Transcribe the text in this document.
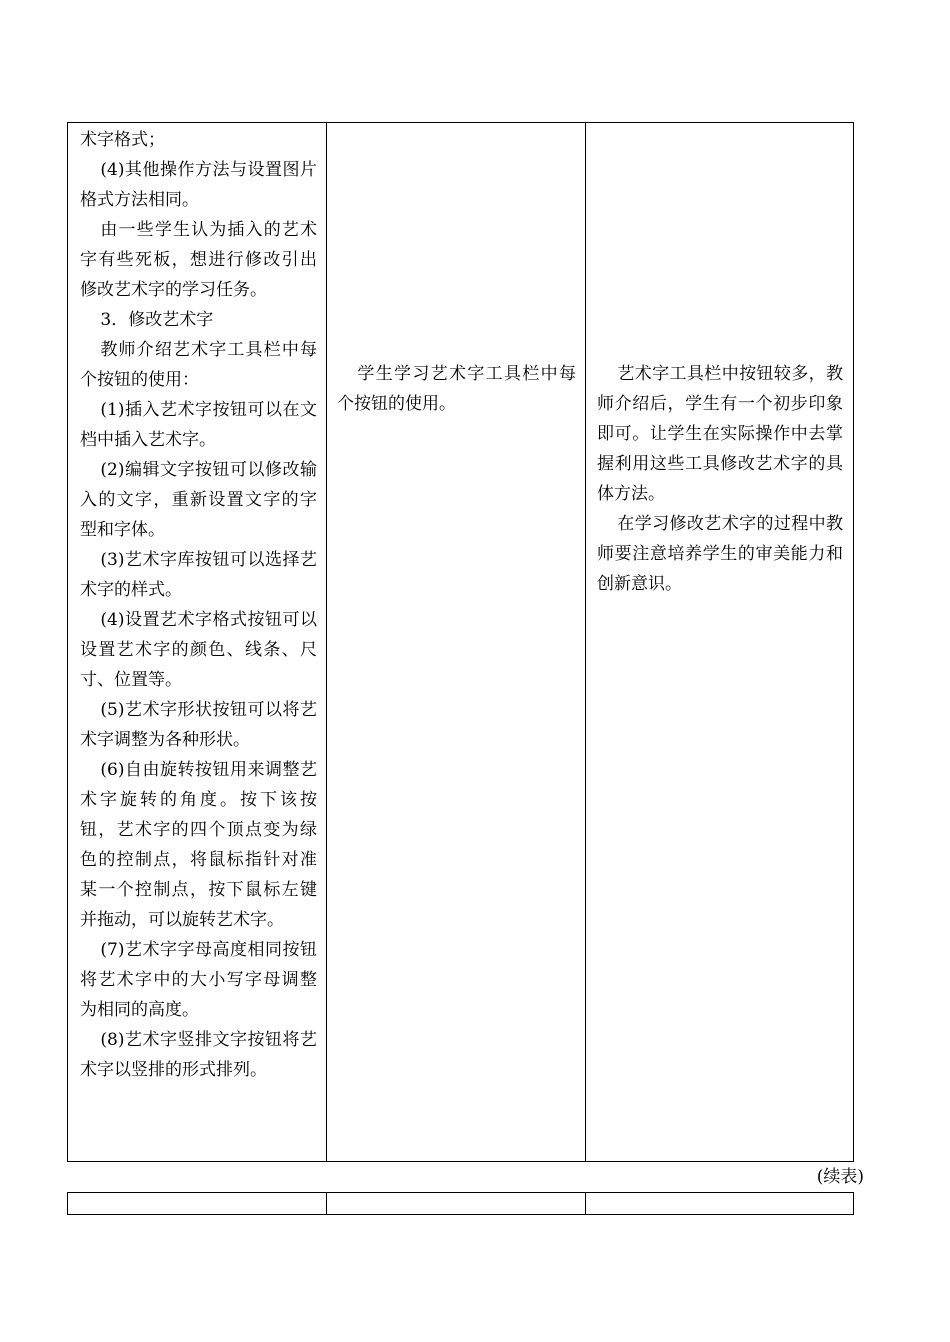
术字格式；

(4)其他操作方法与设置图片格式方法相同。

由一些学生认为插入的艺术字有些死板，想进行修改引出修改艺术字的学习任务。

3．修改艺术字

教师介绍艺术字工具栏中每个按钮的使用：

(1)插入艺术字按钮可以在文档中插入艺术字。

(2)编辑文字按钮可以修改输入的文字，重新设置文字的字型和字体。

(3)艺术字库按钮可以选择艺术字的样式。

(4)设置艺术字格式按钮可以设置艺术字的颜色、线条、尺寸、位置等。

(5)艺术字形状按钮可以将艺术字调整为各种形状。

(6)自由旋转按钮用来调整艺术字旋转的角度。按下该按钮，艺术字的四个顶点变为绿色的控制点，将鼠标指针对准某一个控制点，按下鼠标左键并拖动，可以旋转艺术字。

(7)艺术字字母高度相同按钮将艺术字中的大小写字母调整为相同的高度。

(8)艺术字竖排文字按钮将艺术字以竖排的形式排列。

学生学习艺术字工具栏中每个按钮的使用。

艺术字工具栏中按钮较多，教师介绍后，学生有一个初步印象即可。让学生在实际操作中去掌握利用这些工具修改艺术字的具体方法。

在学习修改艺术字的过程中教师要注意培养学生的审美能力和创新意识。

(续表)
